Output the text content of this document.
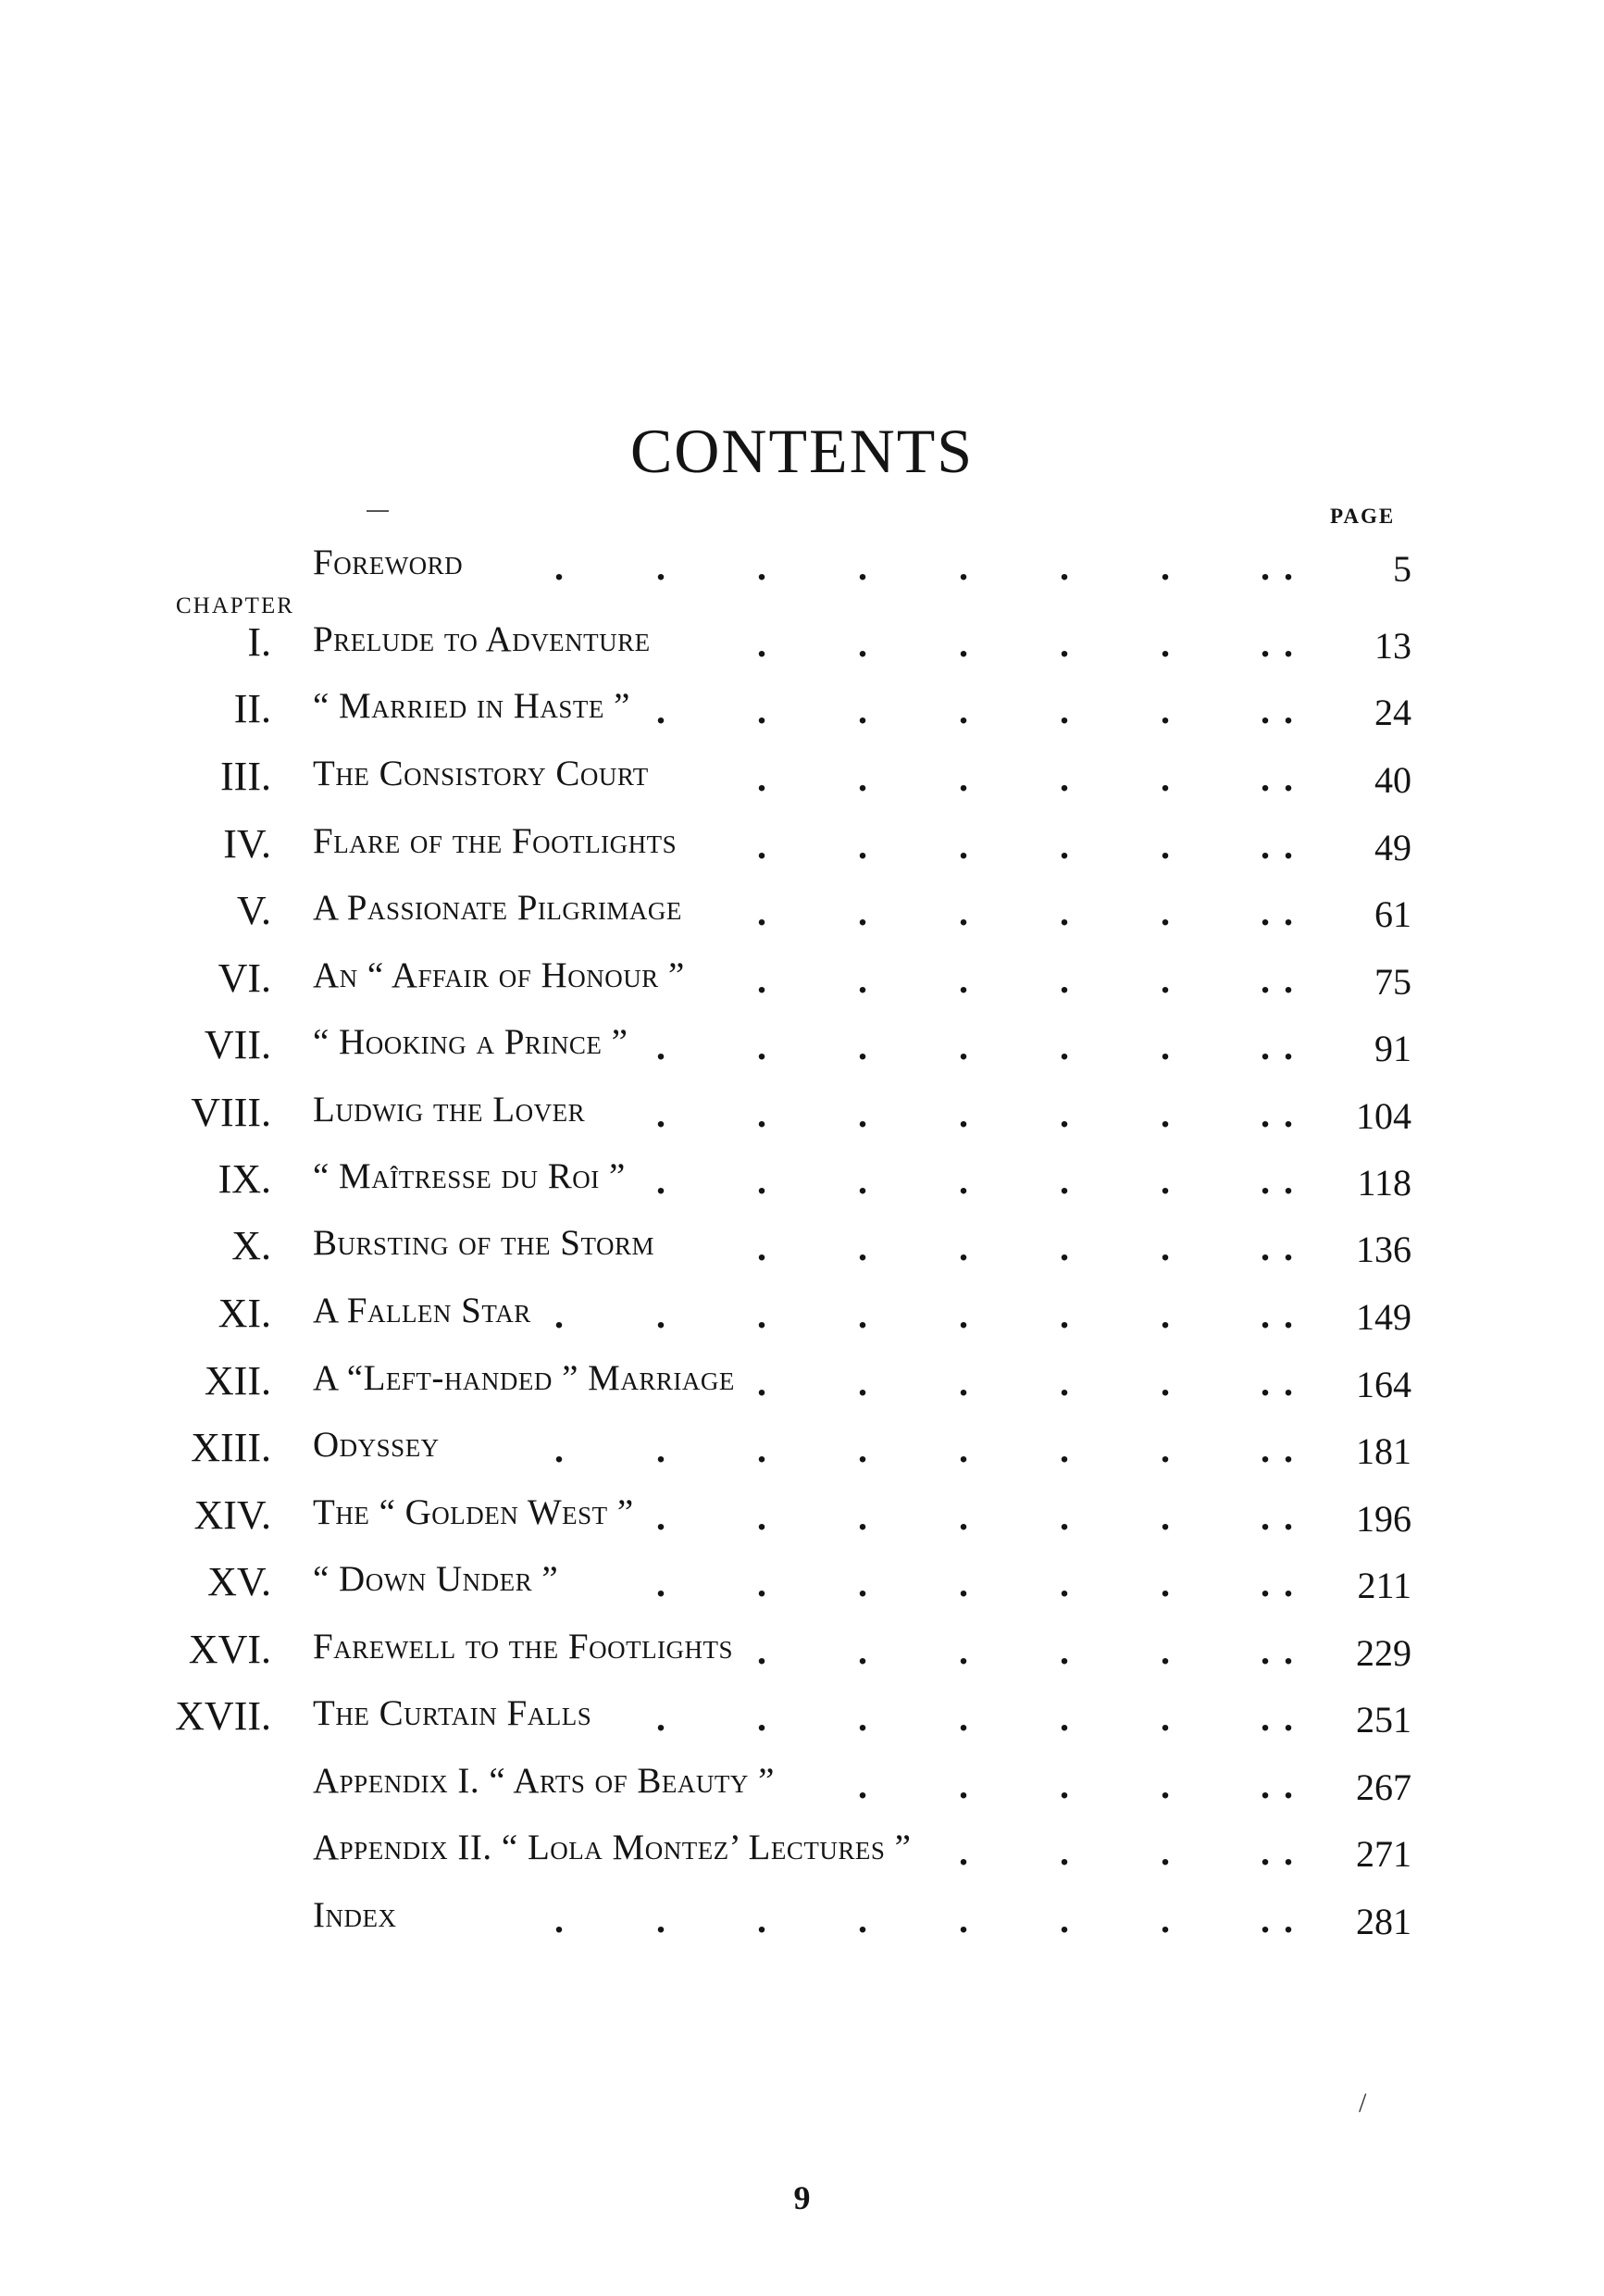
CONTENTS
PAGE
CHAPTER
Foreword .	. . . . . . . .	5
I. Prelude to Adventure	. . . . . . . 13
II. “ Married in Haste ” . . . . . . . . 24
III. The Consistory Court	. . . . . . . 40
IV. Flare of the Footlights . . . . . . . 49
V. A Passionate Pilgrimage . . . . . . . 61
VI. An “ Affair of Honour ” . . . . . . . 75
VII. “ Hooking a Prince ” . . . . . . . . 91
VIII. Ludwig the Lover . . . . . . . . 104
IX. “ Maîtresse du Roi ” . . . . . . . . 118
X. Bursting of the Storm	. . . . . . . 136
XI. A Fallen Star .	. . . . . . . . 149
XII. A “Left-handed ” Marriage . . . . . . . 164
XIII. Odyssey	.	. . . . . . . . 181
XIV. The “ Golden West ” . . . . . . . . 196
XV. “ Down Under ”	. . . . . . . . 211
XVI. Farewell to the Footlights . . . . . . . 229
XVII. The Curtain Falls . . . . . . . . 251
Appendix I. “ Arts of Beauty ” . . . . . . 267
Appendix II. “ Lola Montez’ Lectures ” . . . . . 271
Index	.	. . . . . . . . 281
9
/
